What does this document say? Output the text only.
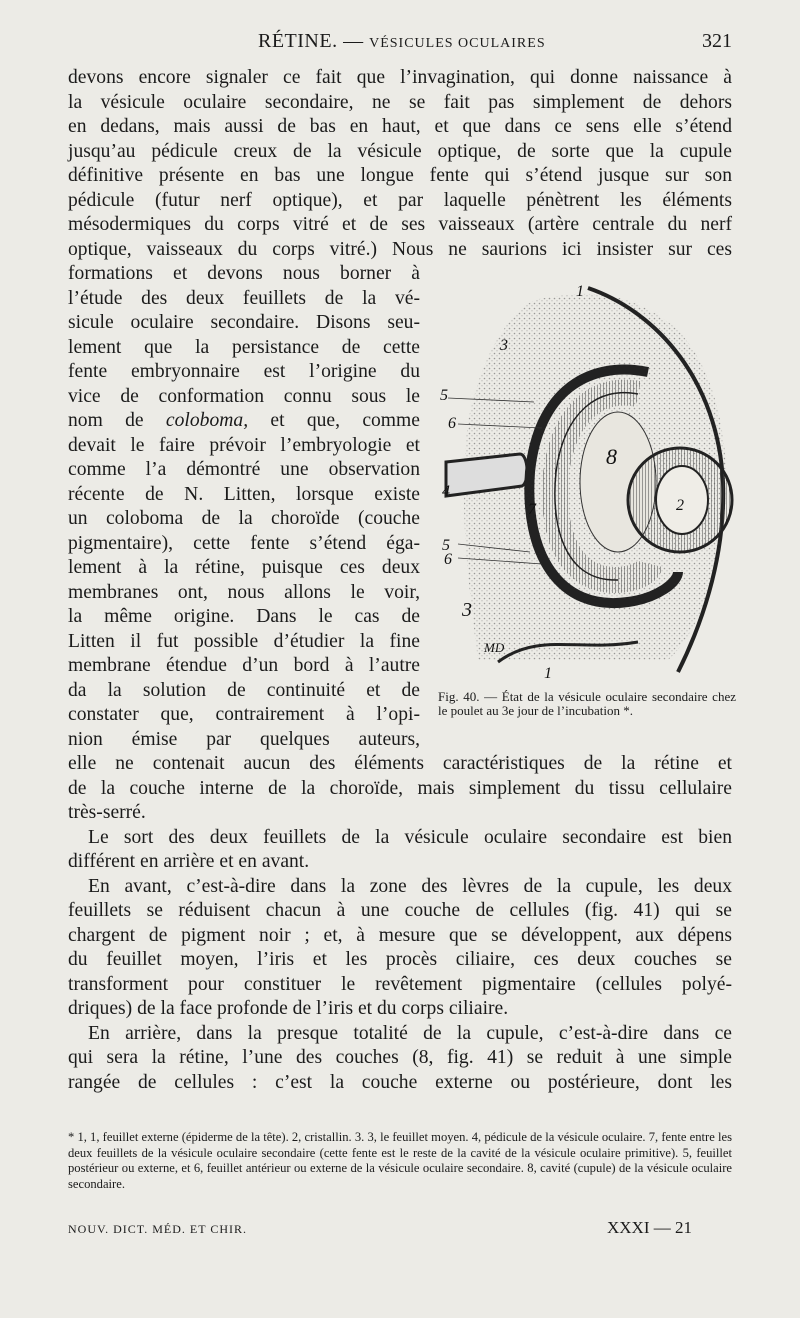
RÉTINE. — VÉSICULES OCULAIRES	321
devons encore signaler ce fait que l’invagination, qui donne naissance à
la vésicule oculaire secondaire, ne se fait pas simplement de dehors
en dedans, mais aussi de bas en haut, et que dans ce sens elle s’étend
jusqu’au pédicule creux de la vésicule optique, de sorte que la cupule
définitive présente en bas une longue fente qui s’étend jusque sur son
pédicule (futur nerf optique), et par laquelle pénètrent les éléments
mésodermiques du corps vitré et de ses vaisseaux (artère centrale du nerf
optique, vaisseaux du corps vitré.) Nous ne saurions ici insister sur ces
formations et devons nous borner à
l’étude des deux feuillets de la vé-
sicule oculaire secondaire. Disons seu-
lement que la persistance de cette
fente embryonnaire est l’origine du
vice de conformation connu sous le
nom de coloboma, et que, comme
devait le faire prévoir l’embryologie et
comme l’a démontré une observation
récente de N. Litten, lorsque existe
un coloboma de la choroïde (couche
pigmentaire), cette fente s’étend éga-
lement à la rétine, puisque ces deux
membranes ont, nous allons le voir,
la même origine. Dans le cas de
Litten il fut possible d’étudier la fine
membrane étendue d’un bord à l’autre
da la solution de continuité et de
constater que, contrairement à l’opi-
nion émise par quelques auteurs,
elle ne contenait aucun des éléments caractéristiques de la rétine et
de la couche interne de la choroïde, mais simplement du tissu cellulaire
très-serré.
Le sort des deux feuillets de la vésicule oculaire secondaire est bien
différent en arrière et en avant.
En avant, c’est-à-dire dans la zone des lèvres de la cupule, les deux
feuillets se réduisent chacun à une couche de cellules (fig. 41) qui se
chargent de pigment noir ; et, à mesure que se développent, aux dépens
du feuillet moyen, l’iris et les procès ciliaire, ces deux couches se
transforment pour constituer le revêtement pigmentaire (cellules polyé-
driques) de la face profonde de l’iris et du corps ciliaire.
En arrière, dans la presque totalité de la cupule, c’est-à-dire dans ce
qui sera la rétine, l’une des couches (8, fig. 41) se reduit à une simple
rangée de cellules : c’est la couche externe ou postérieure, dont les
1
3
5
6
8
2
4
7
5
6
3
MD
1
Fig. 40. — État de la vésicule oculaire secondaire chez le poulet au 3e jour de l’incubation *.
* 1, 1, feuillet externe (épiderme de la tête). 2, cristallin. 3. 3, le feuillet moyen. 4, pédicule de la vésicule oculaire. 7, fente entre les deux feuillets de la vésicule oculaire secondaire (cette fente est le reste de la cavité de la vésicule oculaire primitive). 5, feuillet postérieur ou externe, et 6, feuillet antérieur ou externe de la vésicule oculaire secondaire. 8, cavité (cupule) de la vésicule oculaire secondaire.
NOUV. DICT. MÉD. ET CHIR.	XXXI — 21
